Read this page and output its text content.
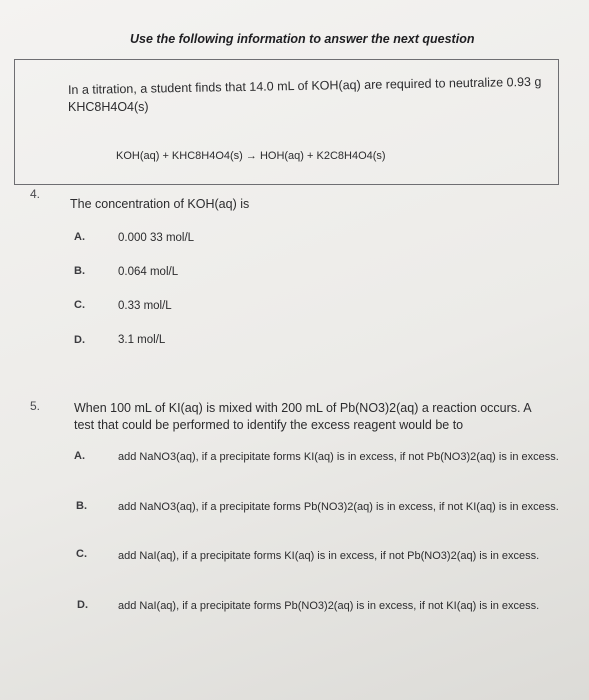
Use the following information to answer the next question
In a titration, a student finds that 14.0 mL of KOH(aq) are required to neutralize 0.93 g
KHC8H4O4(s)
KOH(aq) + KHC8H4O4(s) → HOH(aq) + K2C8H4O4(s)
4.
The concentration of KOH(aq) is
A.	0.000 33 mol/L
B.	0.064 mol/L
C.	0.33 mol/L
D.	3.1 mol/L
5.	When 100 mL of KI(aq) is mixed with 200 mL of Pb(NO3)2(aq) a reaction occurs. A test that could be performed to identify the excess reagent would be to
A.	add NaNO3(aq), if a precipitate forms KI(aq) is in excess, if not Pb(NO3)2(aq) is in excess.
B.	add NaNO3(aq), if a precipitate forms Pb(NO3)2(aq) is in excess, if not KI(aq) is in excess.
C.	add NaI(aq), if a precipitate forms KI(aq) is in excess, if not Pb(NO3)2(aq) is in excess.
D.	add NaI(aq), if a precipitate forms Pb(NO3)2(aq) is in excess, if not KI(aq) is in excess.
